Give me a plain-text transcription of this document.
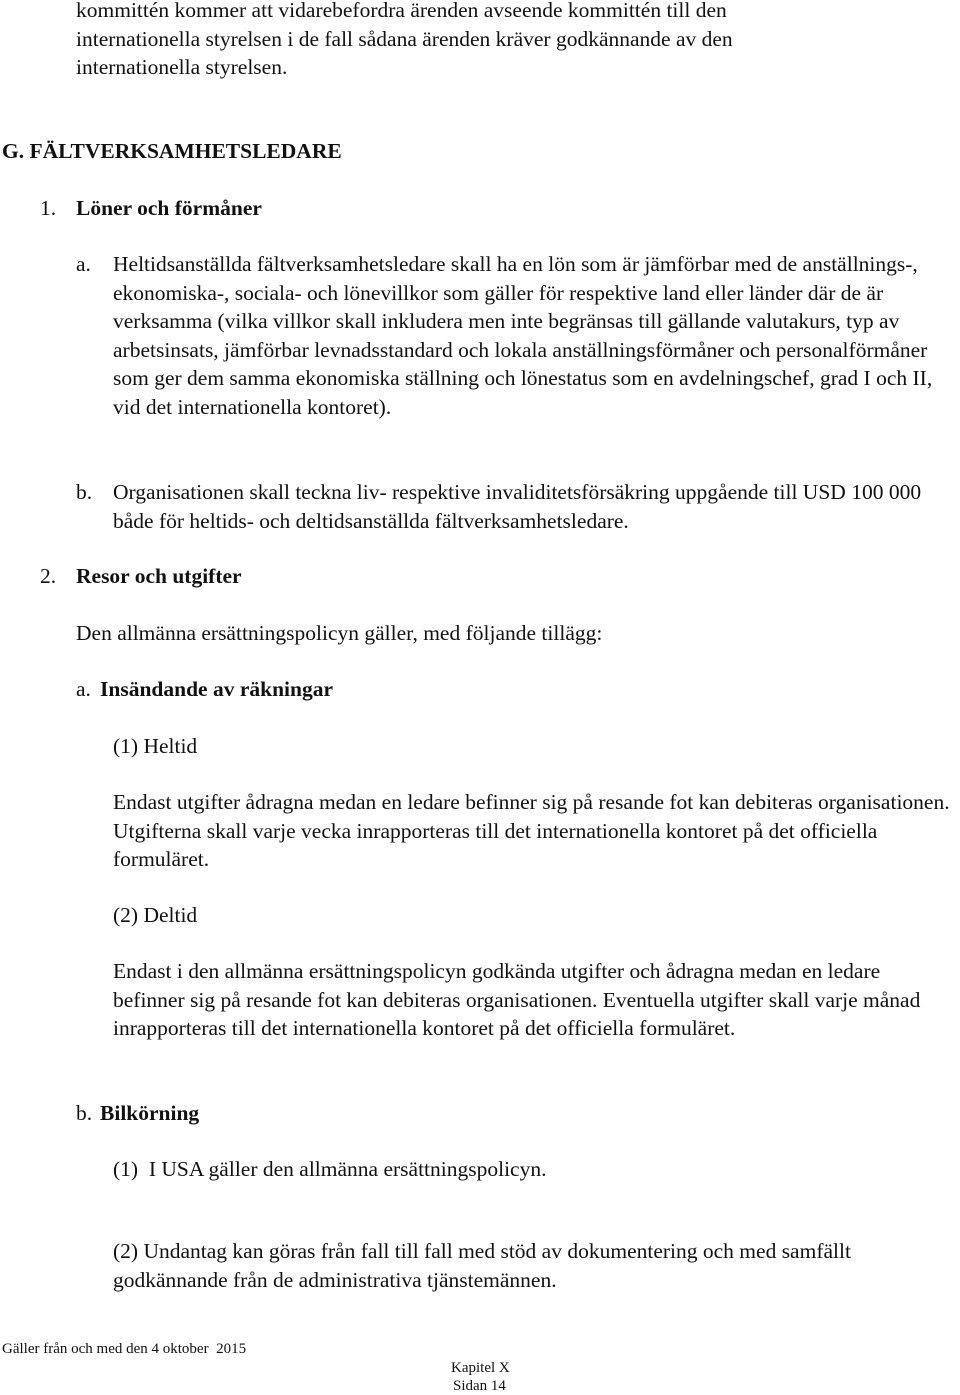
kommittén kommer att vidarebefordra ärenden avseende kommittén till den internationella styrelsen i de fall sådana ärenden kräver godkännande av den internationella styrelsen.

G. FÄLTVERKSAMHETSLEDARE
1. Löner och förmåner
a. Heltidsanställda fältverksamhetsledare skall ha en lön som är jämförbar med de anställnings-, ekonomiska-, sociala- och lönevillkor som gäller för respektive land eller länder där de är verksamma (vilka villkor skall inkludera men inte begränsas till gällande valutakurs, typ av arbetsinsats, jämförbar levnadsstandard och lokala anställningsförmåner och personalförmåner som ger dem samma ekonomiska ställning och lönestatus som en avdelningschef, grad I och II, vid det internationella kontoret).

b. Organisationen skall teckna liv- respektive invaliditetsförsäkring uppgående till USD 100 000 både för heltids- och deltidsanställda fältverksamhetsledare.

2. Resor och utgifter

Den allmänna ersättningspolicyn gäller, med följande tillägg:

a. Insändande av räkningar
(1) Heltid

Endast utgifter ådragna medan en ledare befinner sig på resande fot kan debiteras organisationen. Utgifterna skall varje vecka inrapporteras till det internationella kontoret på det officiella formuläret.

(2) Deltid

Endast i den allmänna ersättningspolicyn godkända utgifter och ådragna medan en ledare befinner sig på resande fot kan debiteras organisationen. Eventuella utgifter skall varje månad inrapporteras till det internationella kontoret på det officiella formuläret.

b. Bilkörning

(1)  I USA gäller den allmänna ersättningspolicyn.

(2) Undantag kan göras från fall till fall med stöd av dokumentering och med samfällt godkännande från de administrativa tjänstemännen.

Gäller från och med den 4 oktober  2015
Kapitel X
Sidan 14
